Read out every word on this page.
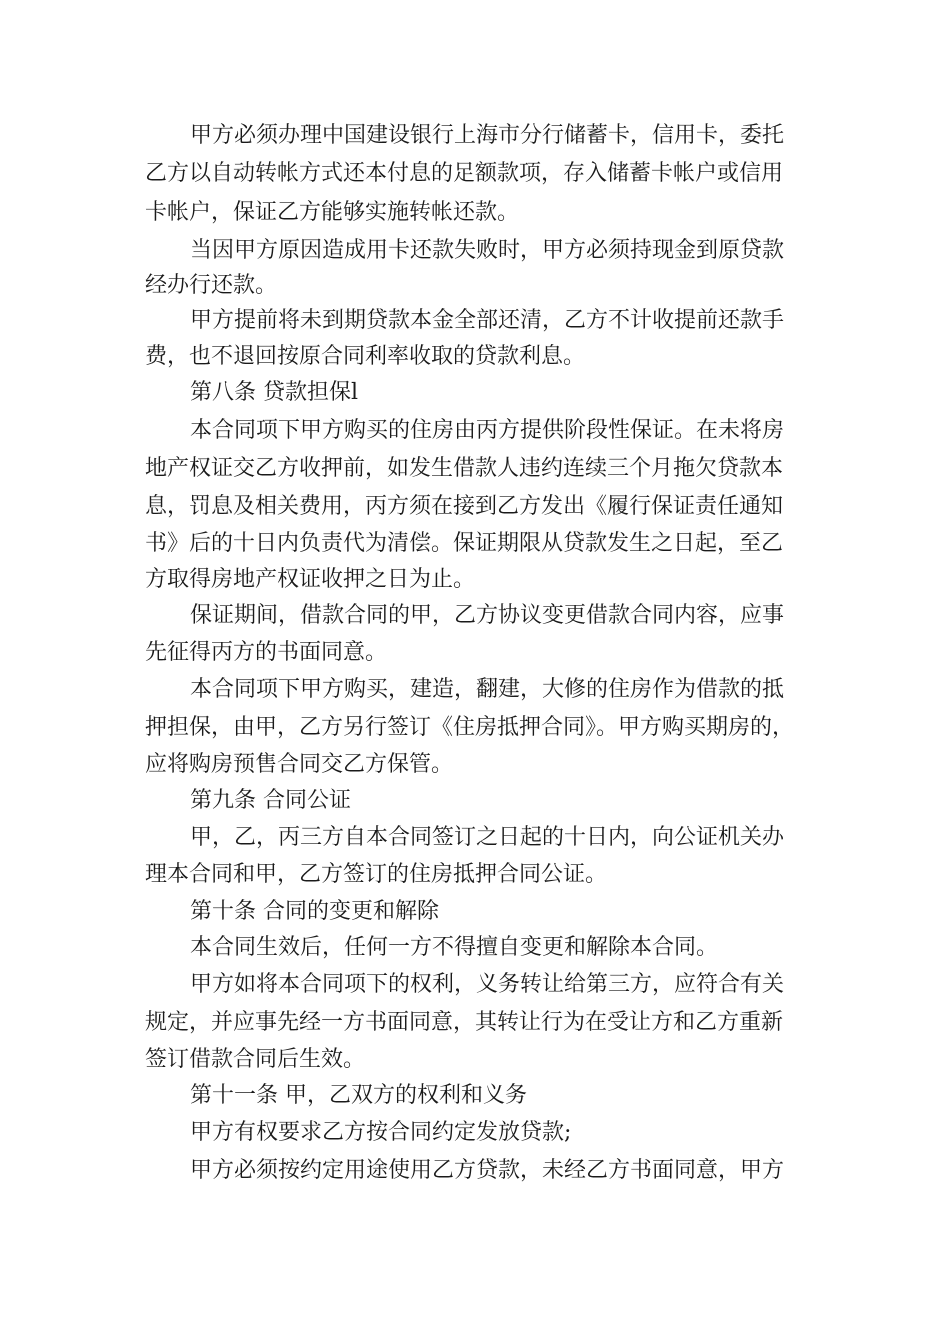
甲方必须办理中国建设银行上海市分行储蓄卡，信用卡，委托

乙方以自动转帐方式还本付息的足额款项，存入储蓄卡帐户或信用

卡帐户，保证乙方能够实施转帐还款。

当因甲方原因造成用卡还款失败时，甲方必须持现金到原贷款

经办行还款。

甲方提前将未到期贷款本金全部还清，乙方不计收提前还款手

费，也不退回按原合同利率收取的贷款利息。

第八条 贷款担保l

本合同项下甲方购买的住房由丙方提供阶段性保证。在未将房

地产权证交乙方收押前，如发生借款人违约连续三个月拖欠贷款本

息，罚息及相关费用，丙方须在接到乙方发出《履行保证责任通知

书》后的十日内负责代为清偿。保证期限从贷款发生之日起，至乙

方取得房地产权证收押之日为止。

保证期间，借款合同的甲，乙方协议变更借款合同内容，应事

先征得丙方的书面同意。

本合同项下甲方购买，建造，翻建，大修的住房作为借款的抵

押担保，由甲，乙方另行签订《住房抵押合同》。甲方购买期房的，

应将购房预售合同交乙方保管。

第九条 合同公证

甲，乙，丙三方自本合同签订之日起的十日内，向公证机关办

理本合同和甲，乙方签订的住房抵押合同公证。

第十条 合同的变更和解除

本合同生效后，任何一方不得擅自变更和解除本合同。

甲方如将本合同项下的权利，义务转让给第三方，应符合有关

规定，并应事先经一方书面同意，其转让行为在受让方和乙方重新

签订借款合同后生效。

第十一条 甲，乙双方的权利和义务

甲方有权要求乙方按合同约定发放贷款;

甲方必须按约定用途使用乙方贷款，未经乙方书面同意，甲方
